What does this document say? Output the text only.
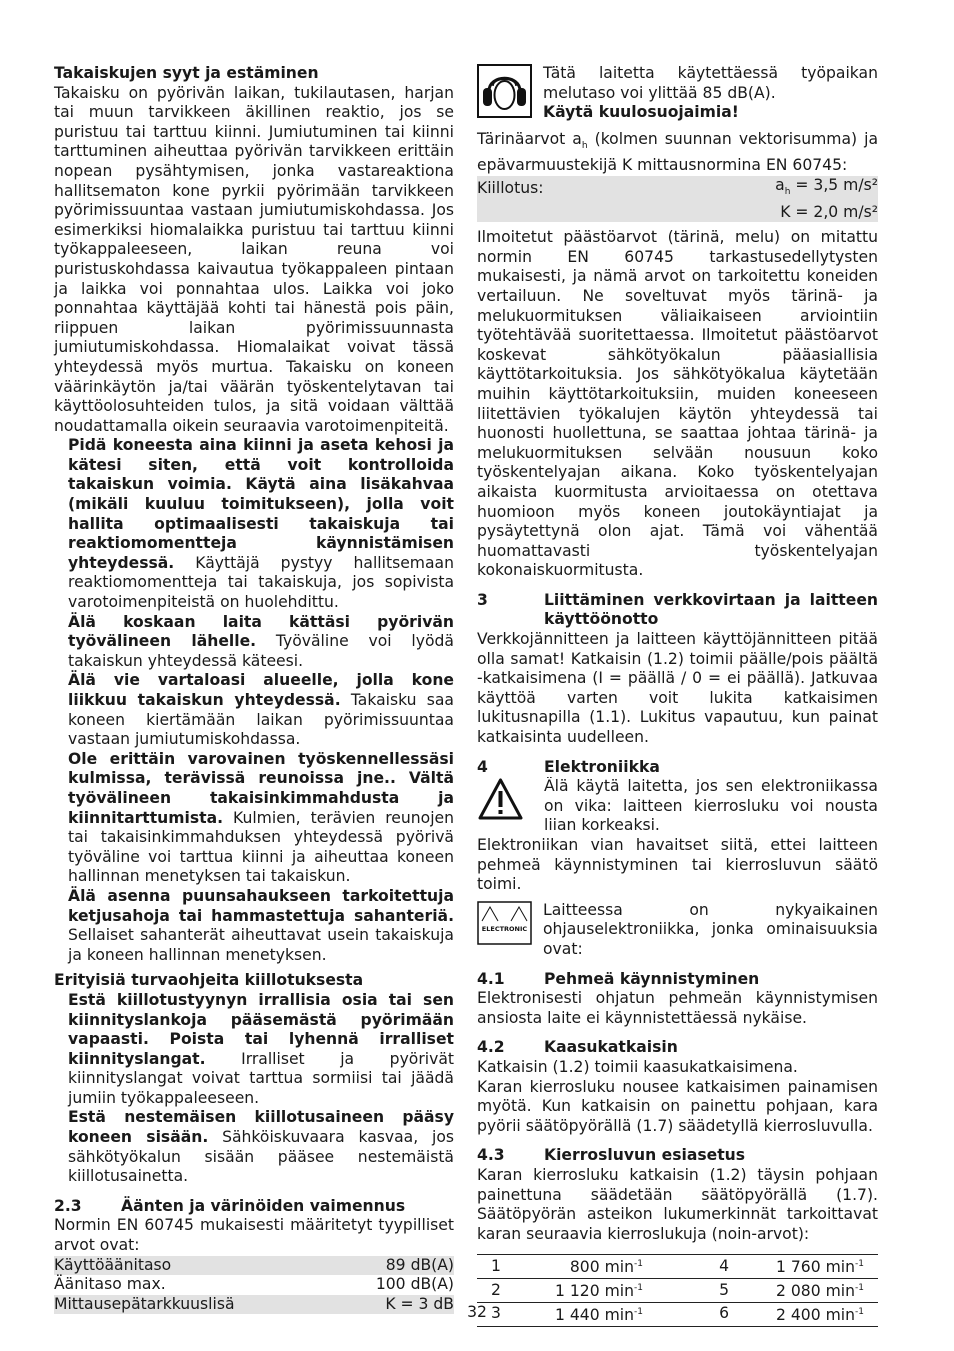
Takaiskujen syyt ja estäminen

Takaisku on pyörivän laikan, tukilautasen, harjan tai muun tarvikkeen äkillinen reaktio, jos se puristuu tai tarttuu kiinni. Jumiutuminen tai kiinni tarttuminen aiheuttaa pyörivän tarvikkeen erittäin nopean pysähtymisen, jonka vastareaktiona hallitsematon kone pyrkii pyörimään tarvikkeen pyörimissuuntaa vastaan jumiutumiskohdassa. Jos esimerkiksi hiomalaikka puristuu tai tarttuu kiinni työkappaleeseen, laikan reuna voi puristuskohdassa kaivautua työkappaleen pintaan ja laikka voi ponnahtaa ulos. Laikka voi joko ponnahtaa käyttäjää kohti tai hänestä pois päin, riippuen laikan pyörimissuunnasta jumiutumiskohdassa. Hiomalaikat voivat tässä yhteydessä myös murtua. Takaisku on koneen väärinkäytön ja/tai väärän työskentelytavan tai käyttöolosuhteiden tulos, ja sitä voidaan välttää noudattamalla oikein seuraavia varotoimenpiteitä.

Pidä koneesta aina kiinni ja aseta kehosi ja kätesi siten, että voit kontrolloida takaiskun voimia. Käytä aina lisäkahvaa (mikäli kuuluu toimitukseen), jolla voit hallita optimaalisesti takaiskuja tai reaktiomomentteja käynnistämisen yhteydessä. Käyttäjä pystyy hallitsemaan reaktiomomentteja tai takaiskuja, jos sopivista varotoimenpiteistä on huolehdittu.
Älä koskaan laita kättäsi pyörivän työvälineen lähelle. Työväline voi lyödä takaiskun yhteydessä käteesi.
Älä vie vartaloasi alueelle, jolla kone liikkuu takaiskun yhteydessä. Takaisku saa koneen kiertämään laikan pyörimissuuntaa vastaan jumiutumiskohdassa.
Ole erittäin varovainen työskennellessäsi kulmissa, terävissä reunoissa jne.. Vältä työvälineen takaisinkimmahdusta ja kiinnitarttumista. Kulmien, terävien reunojen tai takaisinkimmahduksen yhteydessä pyörivä työväline voi tarttua kiinni ja aiheuttaa koneen hallinnan menetyksen tai takaiskun.
Älä asenna puunsahaukseen tarkoitettuja ketjusahoja tai hammastettuja sahanteriä. Sellaiset sahanterät aiheuttavat usein takaiskuja ja koneen hallinnan menetyksen.

Erityisiä turvaohjeita kiillotuksesta

Estä kiillotustyynyn irrallisia osia tai sen kiinnityslankoja pääsemästä pyörimään vapaasti. Poista tai lyhennä irralliset kiinnityslangat. Irralliset ja pyörivät kiinnityslangat voivat tarttua sormiisi tai jäädä jumiin työkappaleeseen.
Estä nestemäisen kiillotusaineen pääsy koneen sisään. Sähköiskuvaara kasvaa, jos sähkötyökalun sisään pääsee nestemäistä kiillotusainetta.
2.3	Äänten ja värinöiden vaimennus

Normin EN 60745 mukaisesti määritetyt tyypilliset arvot ovat:

Käyttöäänitaso	89 dB(A)
Äänitaso max.	100 dB(A)
Mittausepätarkkuuslisä	K = 3 dB

Tätä laitetta käytettäessä työpaikan melutaso voi ylittää 85 dB(A).

Käytä kuulosuojaimia!

Tärinäarvot $a_h$ (kolmen suunnan vektorisumma) ja epävarmuustekijä K mittausnormina EN 60745:

Kiillotus:	$a_h = 3,5$ m/s²
	K = 2,0 m/s²

Ilmoitetut päästöarvot (tärinä, melu) on mitattu normin EN 60745 tarkastusedellytysten mukaisesti, ja nämä arvot on tarkoitettu koneiden vertailuun. Ne soveltuvat myös tärinä- ja melukuormituksen väliaikaiseen arviointiin työtehtävää suoritettaessa. Ilmoitetut päästöarvot koskevat sähkötyökalun pääasiallisia käyttötarkoituksia. Jos sähkötyökalua käytetään muihin käyttötarkoituksiin, muiden koneeseen liitettävien työkalujen käytön yhteydessä tai huonosti huollettuna, se saattaa johtaa tärinä- ja melukuormituksen selvään nousuun koko työskentelyajan aikana. Koko työskentelyajan aikaista kuormitusta arvioitaessa on otettava huomioon myös koneen joutokäyntiajat ja pysäytettynä olon ajat. Tämä voi vähentää huomattavasti työskentelyajan kokonaiskuormitusta.

3	Liittäminen verkkovirtaan ja laitteen käyttöönotto

Verkkojännitteen ja laitteen käyttöjännitteen pitää olla samat! Katkaisin (1.2) toimii päälle/pois päältä -katkaisimena (I = päällä / 0 = ei päällä). Jatkuvaa käyttöä varten voit lukita katkaisimen lukitusnapilla (1.1). Lukitus vapautuu, kun painat katkaisinta uudelleen.

4	Elektroniikka

Älä käytä laitetta, jos sen elektroniikassa on vika: laitteen kierrosluku voi nousta liian korkeaksi.

Elektroniikan vian havaitset siitä, ettei laitteen pehmeä käynnistyminen tai kierrosluvun säätö toimi.

ELECTRONIC

Laitteessa on nykyaikainen ohjauselektroniikka, jonka ominaisuuksia ovat:

4.1	Pehmeä käynnistyminen

Elektronisesti ohjatun pehmeän käynnistymisen ansiosta laite ei käynnistettäessä nykäise.

4.2	Kaasukatkaisin

Katkaisin (1.2) toimii kaasukatkaisimena.

Karan kierrosluku nousee katkaisimen painamisen myötä. Kun katkaisin on painettu pohjaan, kara pyörii säätöpyörällä (1.7) säädetyllä kierrosluvulla.

4.3	Kierrosluvun esiasetus

Karan kierrosluku katkaisin (1.2) täysin pohjaan painettuna säädetään säätöpyörällä (1.7). Säätöpyörän asteikon lukumerkinnät tarkoittavat karan seuraavia kierroslukuja (noin-arvot):

1	800 $\min^{-1}$	4	1 760 $\min^{-1}$
2	1 120 $\min^{-1}$	5	2 080 $\min^{-1}$
3	1 440 $\min^{-1}$	6	2 400 $\min^{-1}$
32
